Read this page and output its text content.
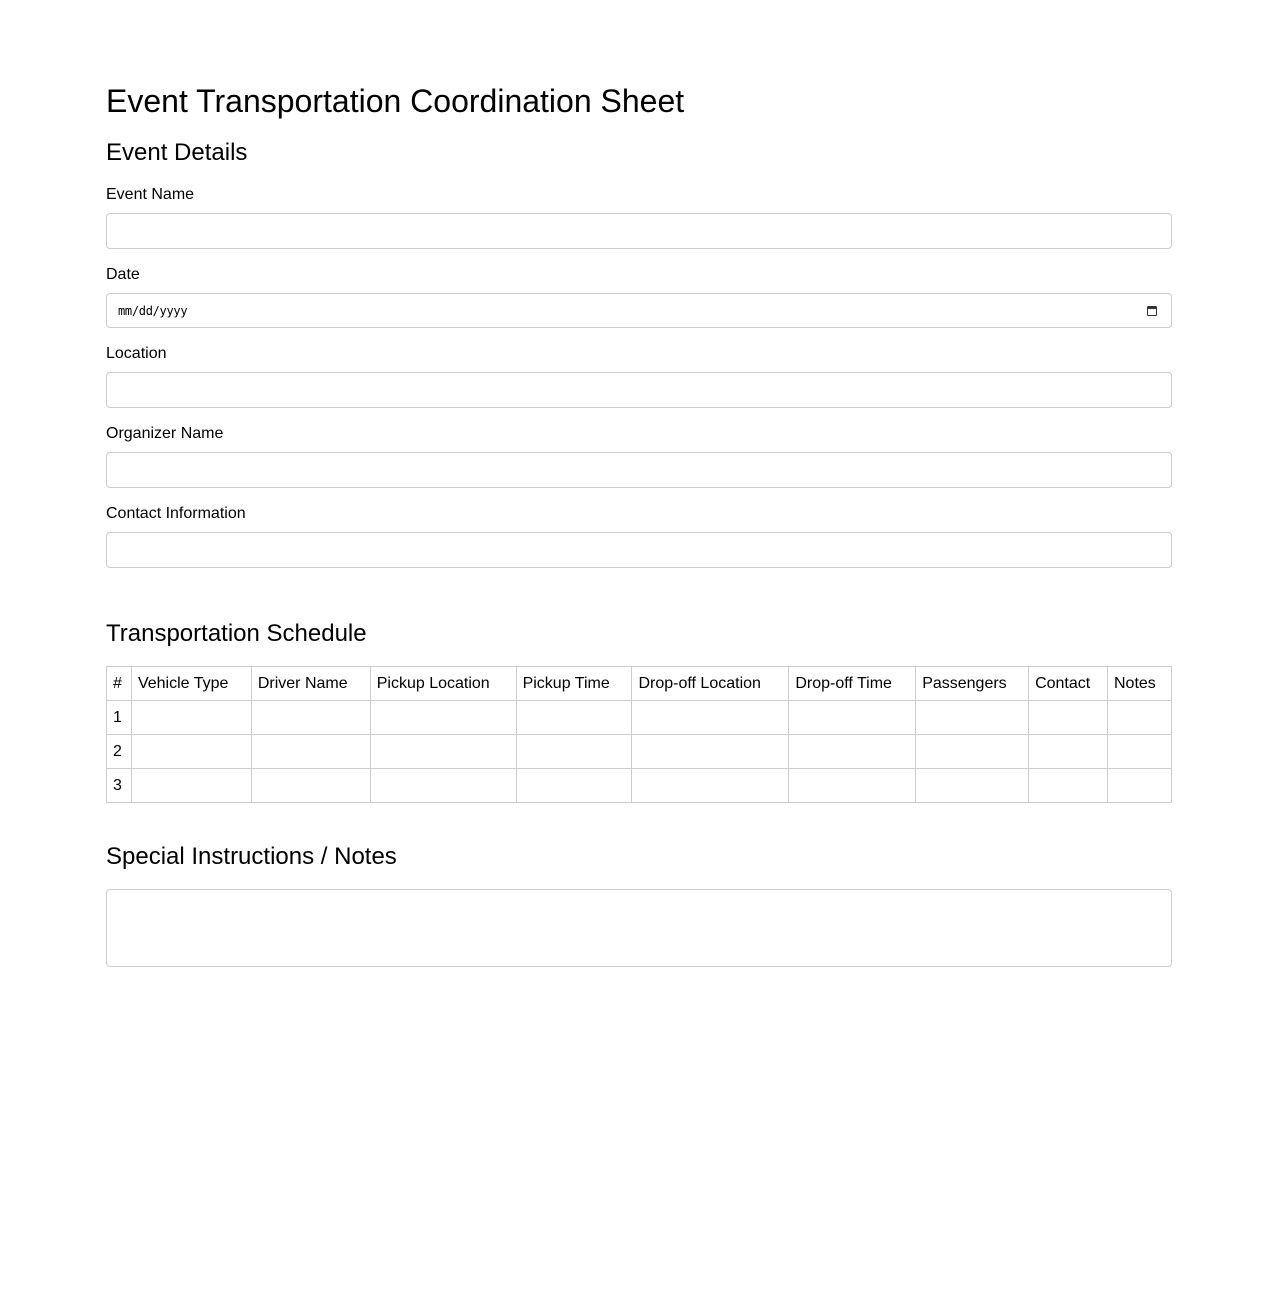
Event Transportation Coordination Sheet
Event Details
Event Name
Date
mm/dd/yyyy
Location
Organizer Name
Contact Information
Transportation Schedule
#	Vehicle Type	Driver Name	Pickup Location	Pickup Time	Drop-off Location	Drop-off Time	Passengers	Contact	Notes
1									
2									
3									
Special Instructions / Notes
